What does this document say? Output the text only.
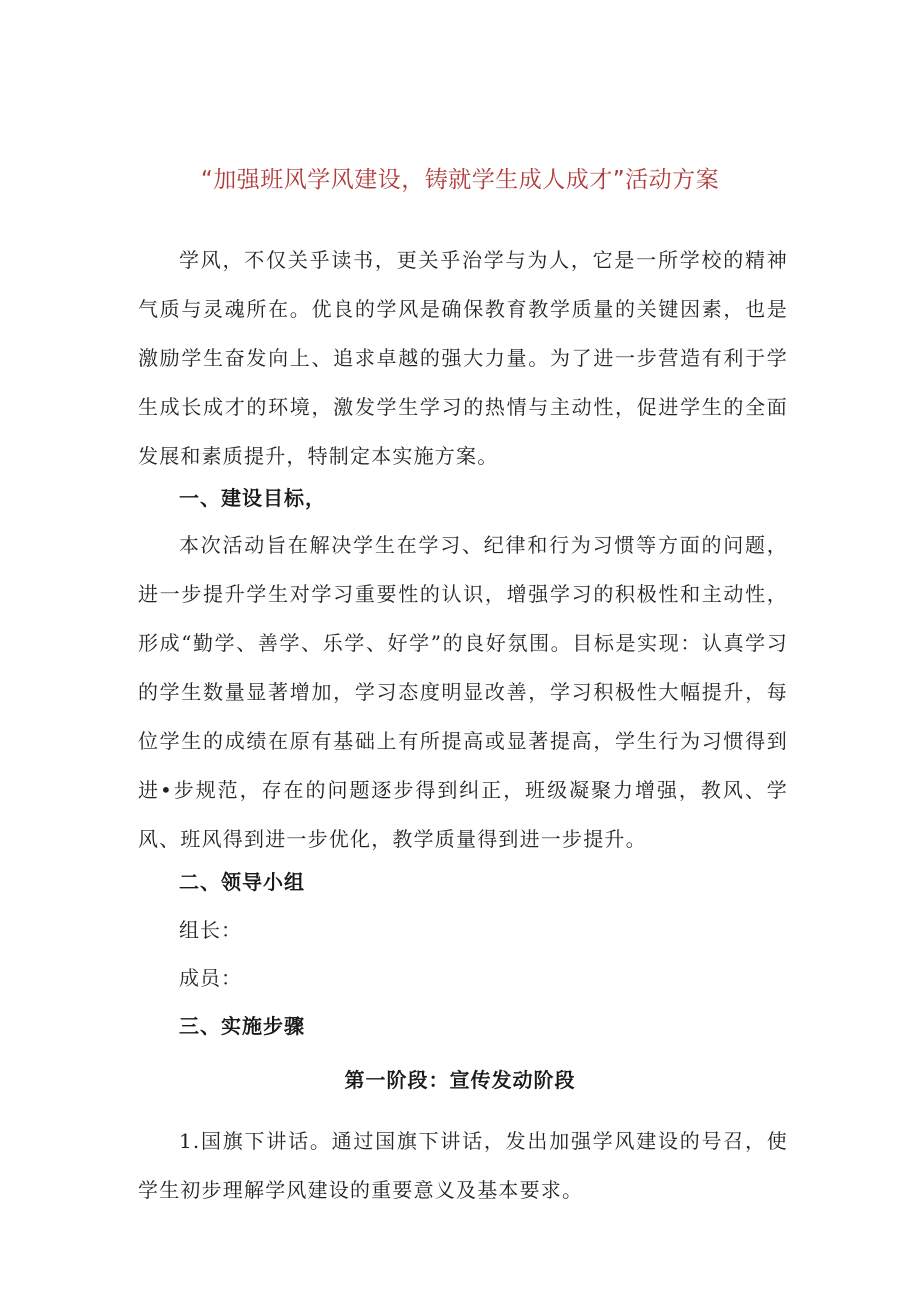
“加强班风学风建设，铸就学生成人成才”活动方案

学风，不仅关乎读书，更关乎治学与为人，它是一所学校的精神气质与灵魂所在。优良的学风是确保教育教学质量的关键因素，也是激励学生奋发向上、追求卓越的强大力量。为了进一步营造有利于学生成长成才的环境，激发学生学习的热情与主动性，促进学生的全面发展和素质提升，特制定本实施方案。

一、建设目标，

本次活动旨在解决学生在学习、纪律和行为习惯等方面的问题，进一步提升学生对学习重要性的认识，增强学习的积极性和主动性，形成“勤学、善学、乐学、好学”的良好氛围。目标是实现：认真学习的学生数量显著增加，学习态度明显改善，学习积极性大幅提升，每位学生的成绩在原有基础上有所提高或显著提高，学生行为习惯得到进•步规范，存在的问题逐步得到纠正，班级凝聚力增强，教风、学风、班风得到进一步优化，教学质量得到进一步提升。

二、领导小组
组长：
成员：
三、实施步骤
第一阶段：宣传发动阶段

1.国旗下讲话。通过国旗下讲话，发出加强学风建设的号召，使学生初步理解学风建设的重要意义及基本要求。
